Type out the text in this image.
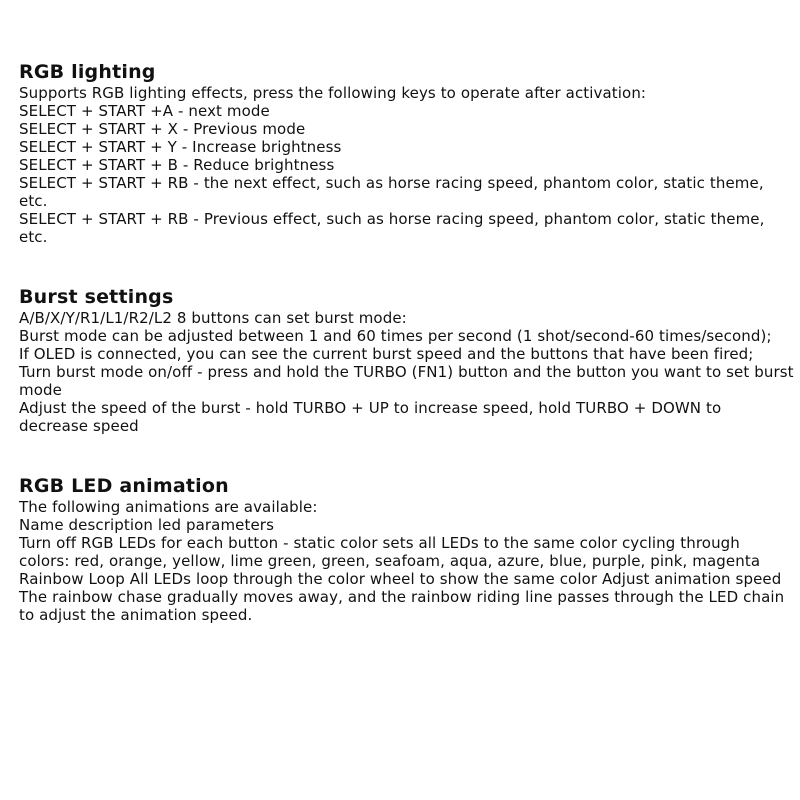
RGB lighting

Supports RGB lighting effects, press the following keys to operate after activation:

SELECT + START +A - next mode

SELECT + START + X - Previous mode

SELECT + START + Y - Increase brightness

SELECT + START + B - Reduce brightness

SELECT + START + RB - the next effect, such as horse racing speed, phantom color, static theme, etc.

SELECT + START + RB - Previous effect, such as horse racing speed, phantom color, static theme, etc.

Burst settings

A/B/X/Y/R1/L1/R2/L2 8 buttons can set burst mode:

Burst mode can be adjusted between 1 and 60 times per second (1 shot/second-60 times/second);

If OLED is connected, you can see the current burst speed and the buttons that have been fired;

Turn burst mode on/off - press and hold the TURBO (FN1) button and the button you want to set burst mode

Adjust the speed of the burst - hold TURBO + UP to increase speed, hold TURBO + DOWN to decrease speed

RGB LED animation

The following animations are available:

Name description led parameters

Turn off RGB LEDs for each button - static color sets all LEDs to the same color cycling through colors: red, orange, yellow, lime green, green, seafoam, aqua, azure, blue, purple, pink, magenta

Rainbow Loop All LEDs loop through the color wheel to show the same color Adjust animation speed

The rainbow chase gradually moves away, and the rainbow riding line passes through the LED chain to adjust the animation speed.
